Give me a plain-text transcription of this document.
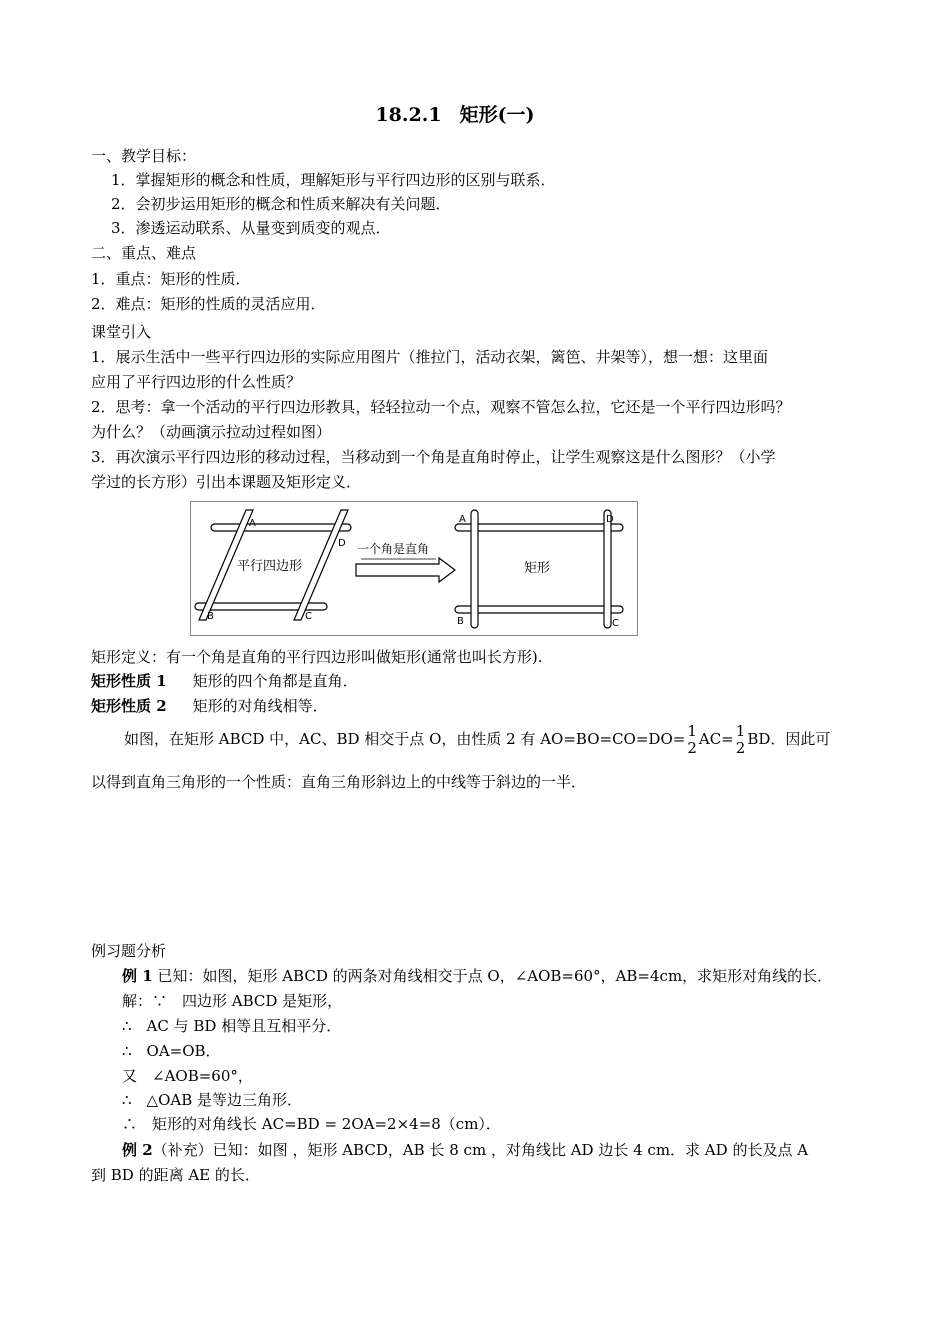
18.2.1 矩形(一)
一、教学目标：
1．掌握矩形的概念和性质，理解矩形与平行四边形的区别与联系．
2．会初步运用矩形的概念和性质来解决有关问题．
3．渗透运动联系、从量变到质变的观点．
二、重点、难点
1．重点：矩形的性质．
2．难点：矩形的性质的灵活应用．
课堂引入
1．展示生活中一些平行四边形的实际应用图片（推拉门，活动衣架，篱笆、井架等），想一想：这里面
应用了平行四边形的什么性质？
2．思考：拿一个活动的平行四边形教具，轻轻拉动一个点，观察不管怎么拉，它还是一个平行四边形吗？
为什么？（动画演示拉动过程如图）
3．再次演示平行四边形的移动过程，当移动到一个角是直角时停止，让学生观察这是什么图形？（小学
学过的长方形）引出本课题及矩形定义．
平行四边形
一个角是直角
矩形
A
D
B	C
A	D
B	C
矩形定义：有一个角是直角的平行四边形叫做矩形(通常也叫长方形).
矩形性质 1 矩形的四个角都是直角．
矩形性质 2 矩形的对角线相等．
如图，在矩形 ABCD 中，AC、BD 相交于点 O，由性质 2 有 AO=BO=CO=DO= 1
2 AC= 1
2 BD．因此可
以得到直角三角形的一个性质：直角三角形斜边上的中线等于斜边的一半．
例习题分析
例 1 已知：如图，矩形 ABCD 的两条对角线相交于点 O，∠AOB=60°，AB=4cm，求矩形对角线的长．
解：∵　四边形 ABCD 是矩形，
∴　AC 与 BD 相等且互相平分．
∴　OA=OB．
又　∠AOB=60°，
∴　△OAB 是等边三角形．
∴　矩形的对角线长 AC=BD = 2OA=2×4=8（cm）．
例 2（补充）已知：如图 ，矩形 ABCD，AB 长 8 cm ，对角线比 AD 边长 4 cm．求 AD 的长及点 A
到 BD 的距离 AE 的长．
